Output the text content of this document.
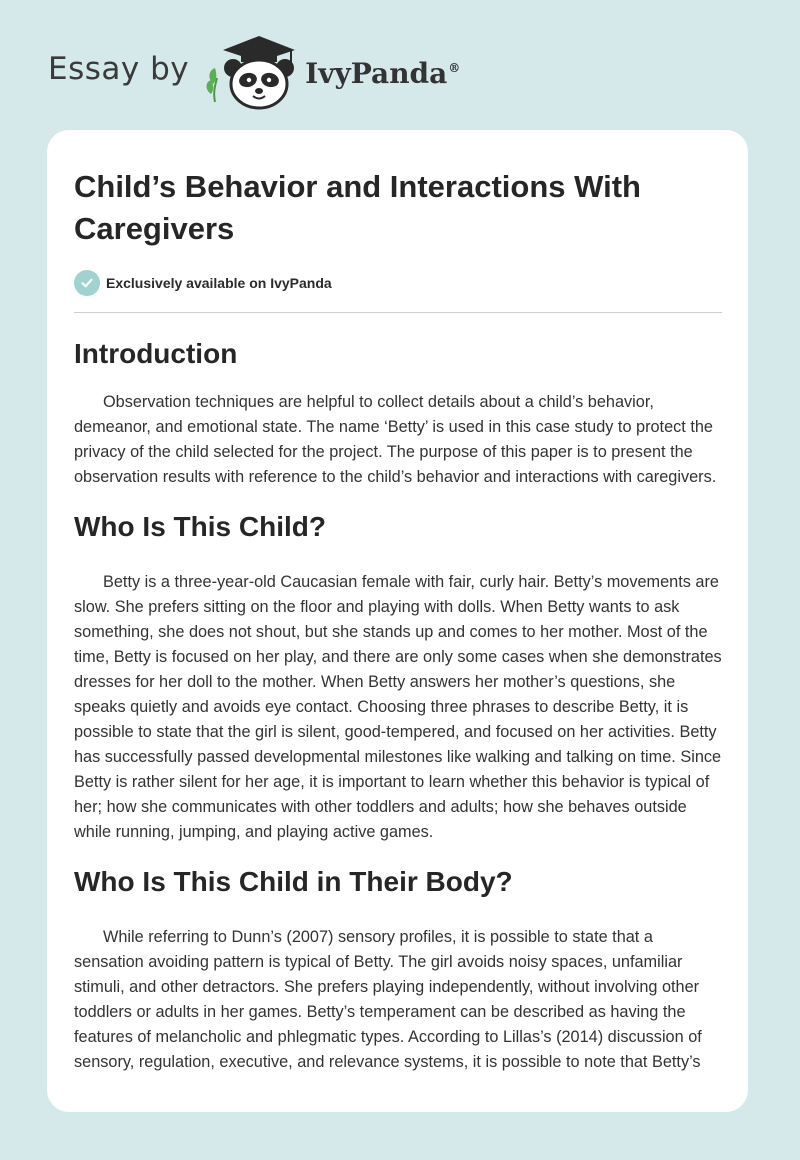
Essay by	IvyPanda®
Child’s Behavior and Interactions With Caregivers
Exclusively available on IvyPanda
Introduction

Observation techniques are helpful to collect details about a child’s behavior, demeanor, and emotional state. The name ‘Betty’ is used in this case study to protect the privacy of the child selected for the project. The purpose of this paper is to present the observation results with reference to the child’s behavior and interactions with caregivers.

Who Is This Child?

Betty is a three-year-old Caucasian female with fair, curly hair. Betty’s movements are slow. She prefers sitting on the floor and playing with dolls. When Betty wants to ask something, she does not shout, but she stands up and comes to her mother. Most of the time, Betty is focused on her play, and there are only some cases when she demonstrates dresses for her doll to the mother. When Betty answers her mother’s questions, she speaks quietly and avoids eye contact. Choosing three phrases to describe Betty, it is possible to state that the girl is silent, good-tempered, and focused on her activities. Betty has successfully passed developmental milestones like walking and talking on time. Since Betty is rather silent for her age, it is important to learn whether this behavior is typical of her; how she communicates with other toddlers and adults; how she behaves outside while running, jumping, and playing active games.

Who Is This Child in Their Body?

While referring to Dunn’s (2007) sensory profiles, it is possible to state that a sensation avoiding pattern is typical of Betty. The girl avoids noisy spaces, unfamiliar stimuli, and other detractors. She prefers playing independently, without involving other toddlers or adults in her games. Betty’s temperament can be described as having the features of melancholic and phlegmatic types. According to Lillas’s (2014) discussion of sensory, regulation, executive, and relevance systems, it is possible to note that Betty’s
